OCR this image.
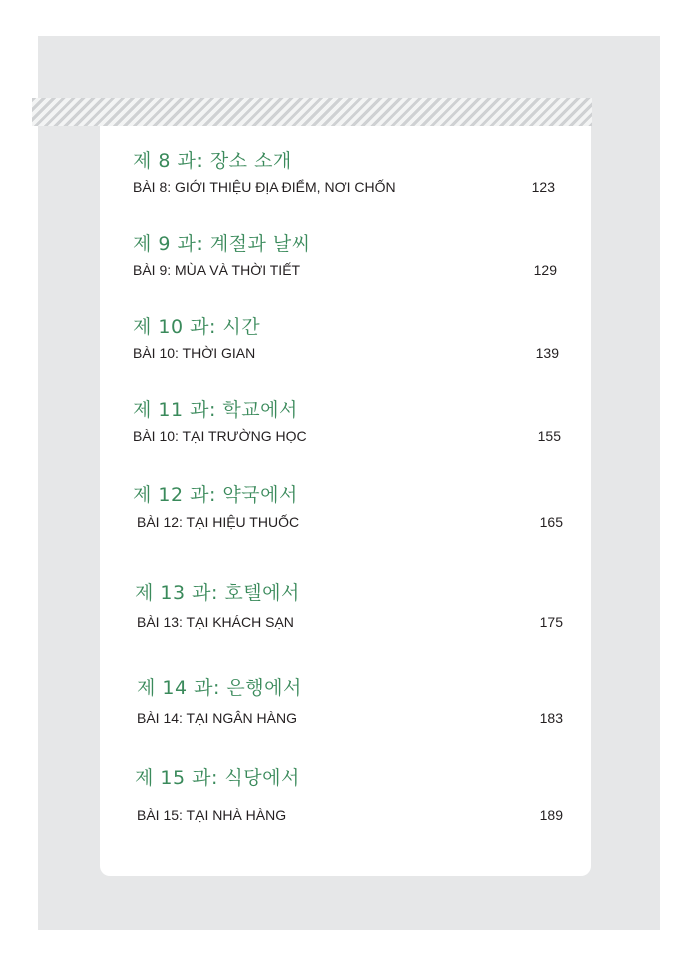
제 8 과: 장소 소개
BÀI 8: GIỚI THIỆU ĐỊA ĐIỂM, NƠI CHỐN	123
제 9 과: 계절과 날씨
BÀI 9: MÙA VÀ THỜI TIẾT	129
제 10 과: 시간
BÀI 10: THỜI GIAN	139
제 11 과: 학교에서
BÀI 10: TẠI TRƯỜNG HỌC	155
제 12 과: 약국에서
BÀI 12: TẠI HIỆU THUỐC	165
제 13 과: 호텔에서
BÀI 13: TẠI KHÁCH SẠN	175
제 14 과: 은행에서
BÀI 14: TẠI NGÂN HÀNG	183
제 15 과: 식당에서
BÀI 15: TẠI NHÀ HÀNG	189
